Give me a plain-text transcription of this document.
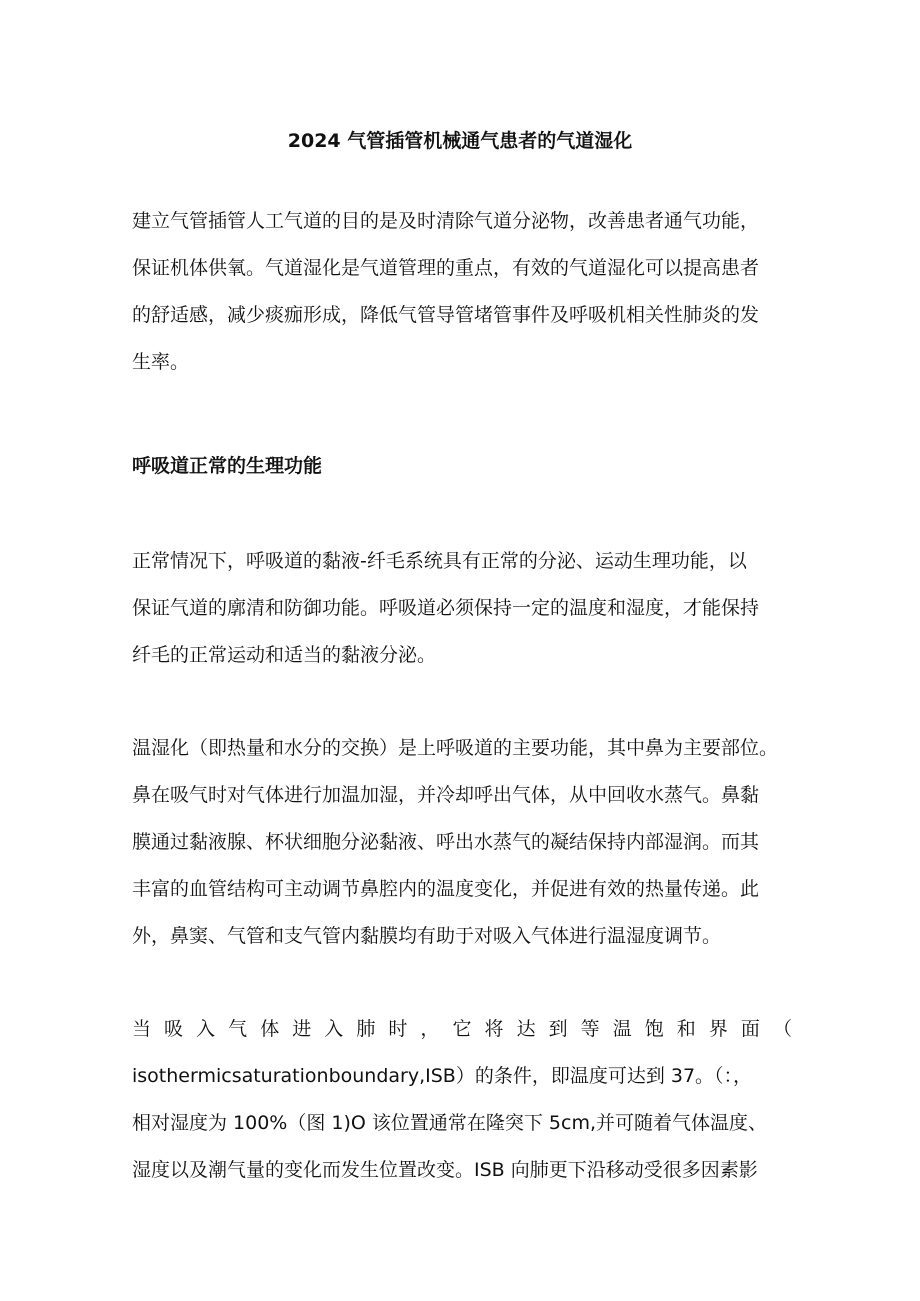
2024 气管插管机械通气患者的气道湿化

建立气管插管人工气道的目的是及时清除气道分泌物，改善患者通气功能，
保证机体供氧。气道湿化是气道管理的重点，有效的气道湿化可以提高患者
的舒适感，减少痰痂形成，降低气管导管堵管事件及呼吸机相关性肺炎的发
生率。

呼吸道正常的生理功能

正常情况下，呼吸道的黏液-纤毛系统具有正常的分泌、运动生理功能，以
保证气道的廓清和防御功能。呼吸道必须保持一定的温度和湿度，才能保持
纤毛的正常运动和适当的黏液分泌。

温湿化（即热量和水分的交换）是上呼吸道的主要功能，其中鼻为主要部位。
鼻在吸气时对气体进行加温加湿，并冷却呼出气体，从中回收水蒸气。鼻黏
膜通过黏液腺、杯状细胞分泌黏液、呼出水蒸气的凝结保持内部湿润。而其
丰富的血管结构可主动调节鼻腔内的温度变化，并促进有效的热量传递。此
外，鼻窦、气管和支气管内黏膜均有助于对吸入气体进行温湿度调节。

当 吸 入 气 体 进 入 肺 时 ， 它 将 达 到 等 温 饱 和 界 面 （
isothermicsaturationboundary,ISB）的条件，即温度可达到 37。（：，
相对湿度为 100%（图 1)O 该位置通常在隆突下 5cm,并可随着气体温度、
湿度以及潮气量的变化而发生位置改变。ISB 向肺更下沿移动受很多因素影
